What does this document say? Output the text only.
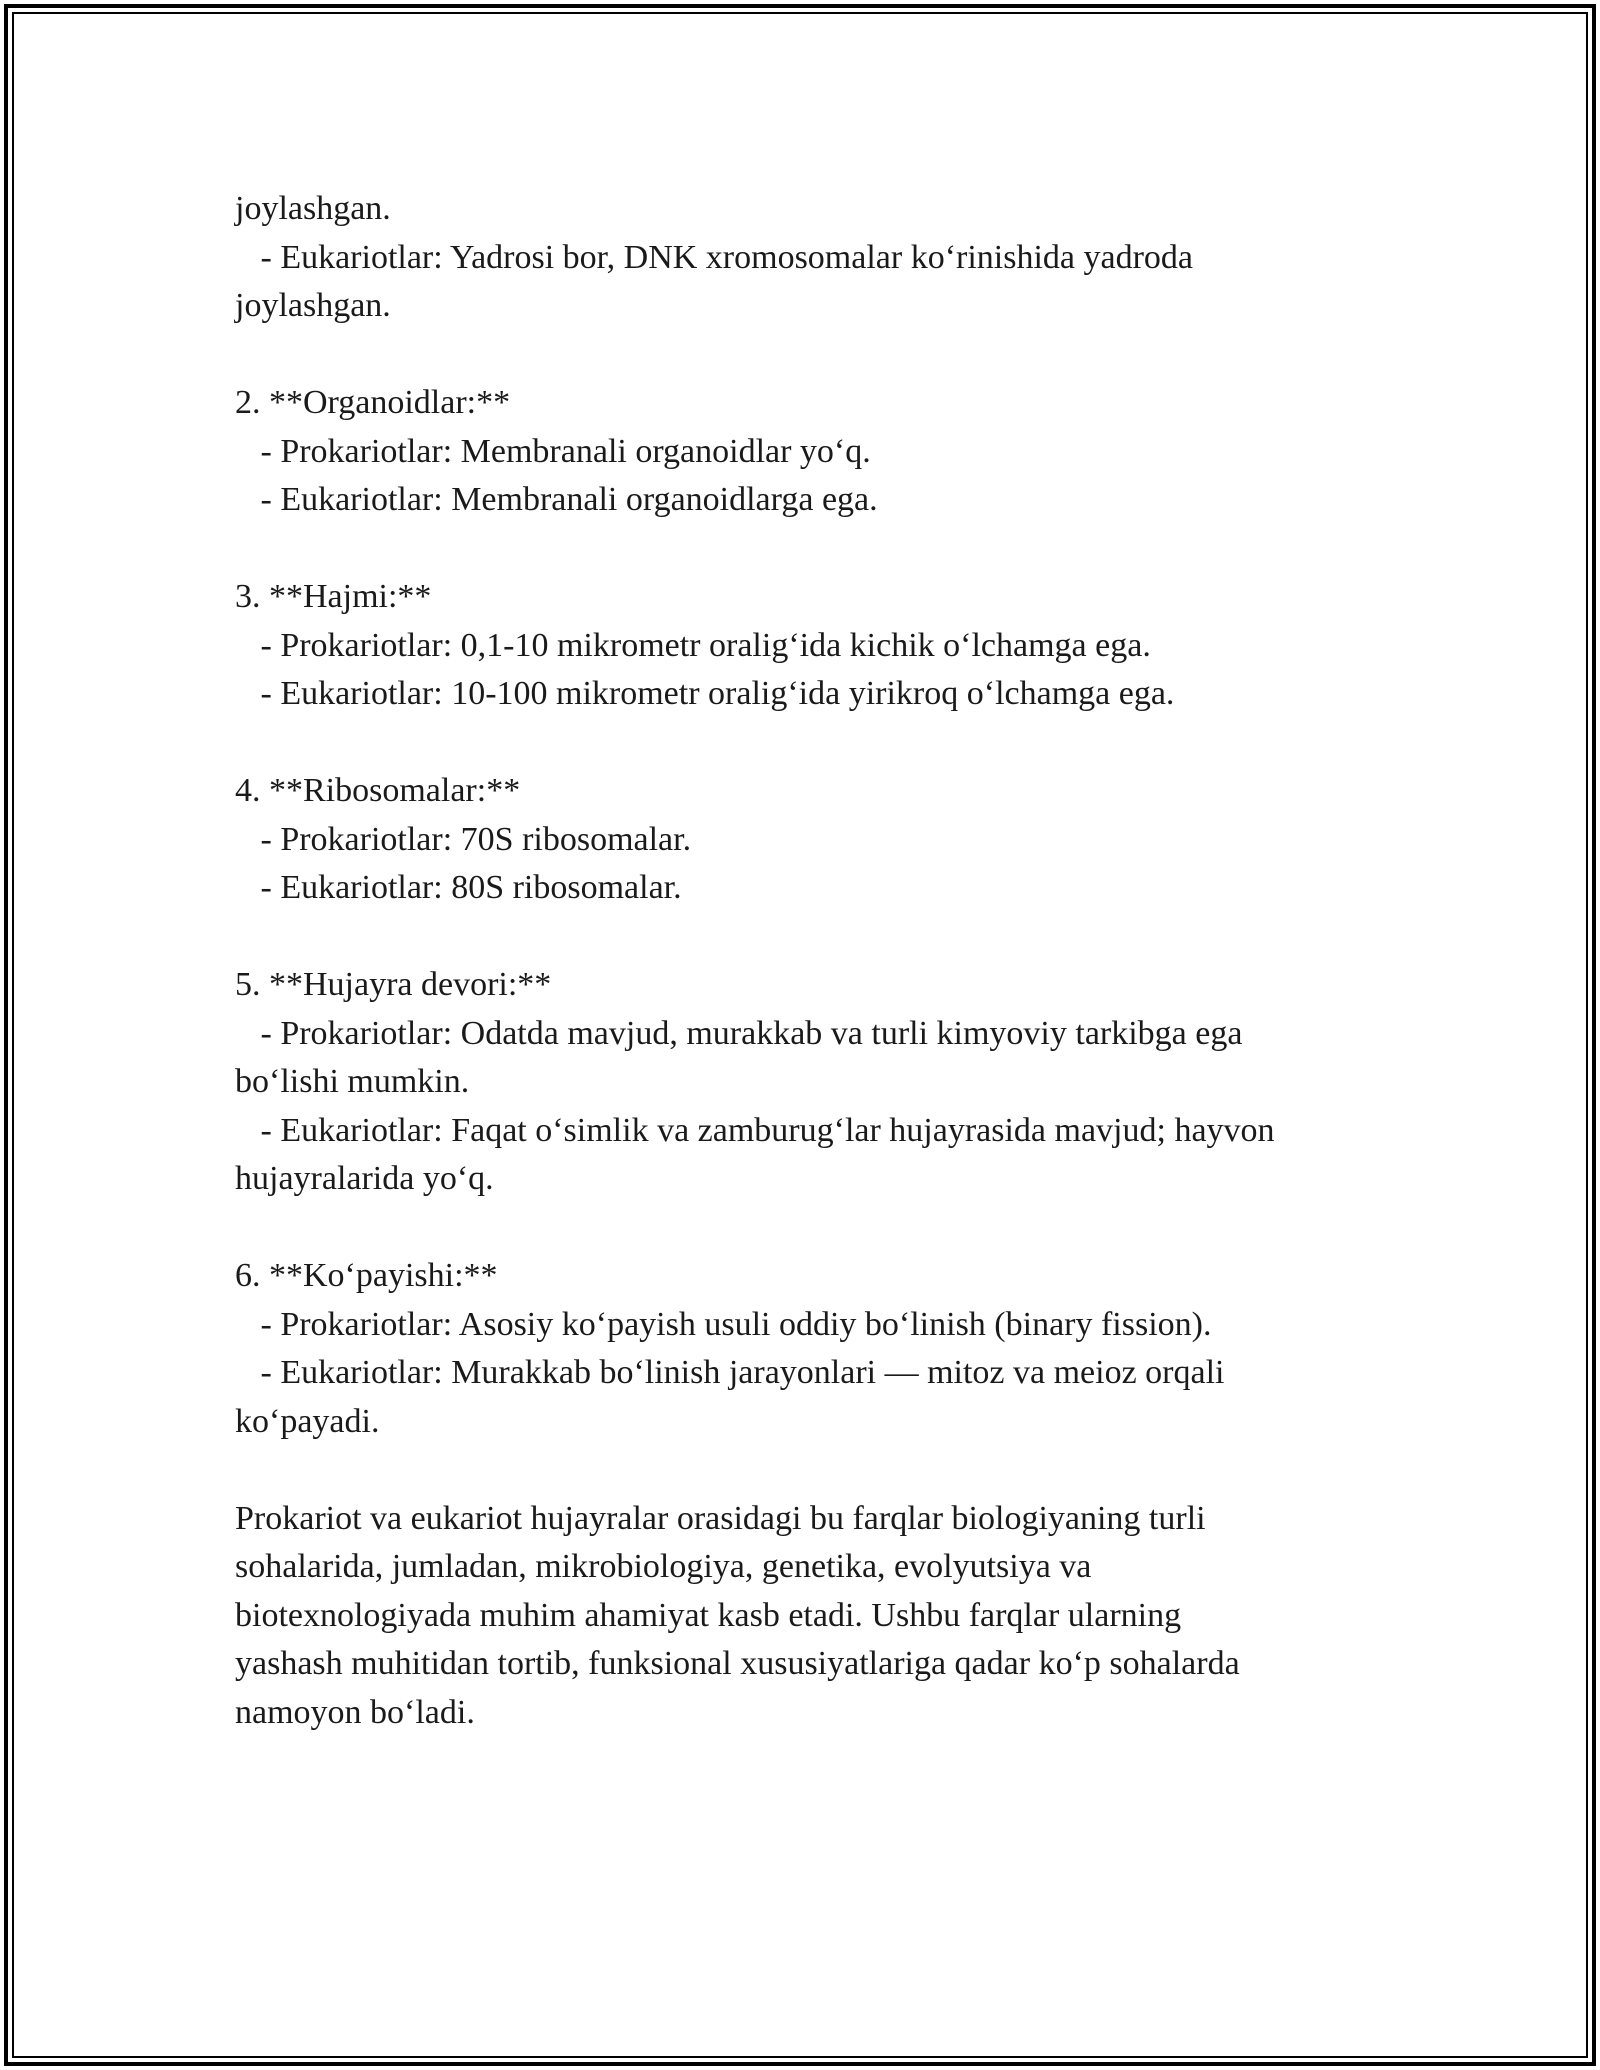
joylashgan.

- Eukariotlar: Yadrosi bor, DNK xromosomalar koʻrinishida yadroda

joylashgan.

2. **Organoidlar:**

- Prokariotlar: Membranali organoidlar yoʻq.

- Eukariotlar: Membranali organoidlarga ega.

3. **Hajmi:**

- Prokariotlar: 0,1-10 mikrometr oraligʻida kichik oʻlchamga ega.

- Eukariotlar: 10-100 mikrometr oraligʻida yirikroq oʻlchamga ega.

4. **Ribosomalar:**

- Prokariotlar: 70S ribosomalar.

- Eukariotlar: 80S ribosomalar.

5. **Hujayra devori:**

- Prokariotlar: Odatda mavjud, murakkab va turli kimyoviy tarkibga ega

boʻlishi mumkin.

- Eukariotlar: Faqat oʻsimlik va zamburugʻlar hujayrasida mavjud; hayvon

hujayralarida yoʻq.

6. **Koʻpayishi:**

- Prokariotlar: Asosiy koʻpayish usuli oddiy boʻlinish (binary fission).

- Eukariotlar: Murakkab boʻlinish jarayonlari — mitoz va meioz orqali

koʻpayadi.

Prokariot va eukariot hujayralar orasidagi bu farqlar biologiyaning turli

sohalarida, jumladan, mikrobiologiya, genetika, evolyutsiya va

biotexnologiyada muhim ahamiyat kasb etadi. Ushbu farqlar ularning

yashash muhitidan tortib, funksional xususiyatlariga qadar koʻp sohalarda

namoyon boʻladi.
